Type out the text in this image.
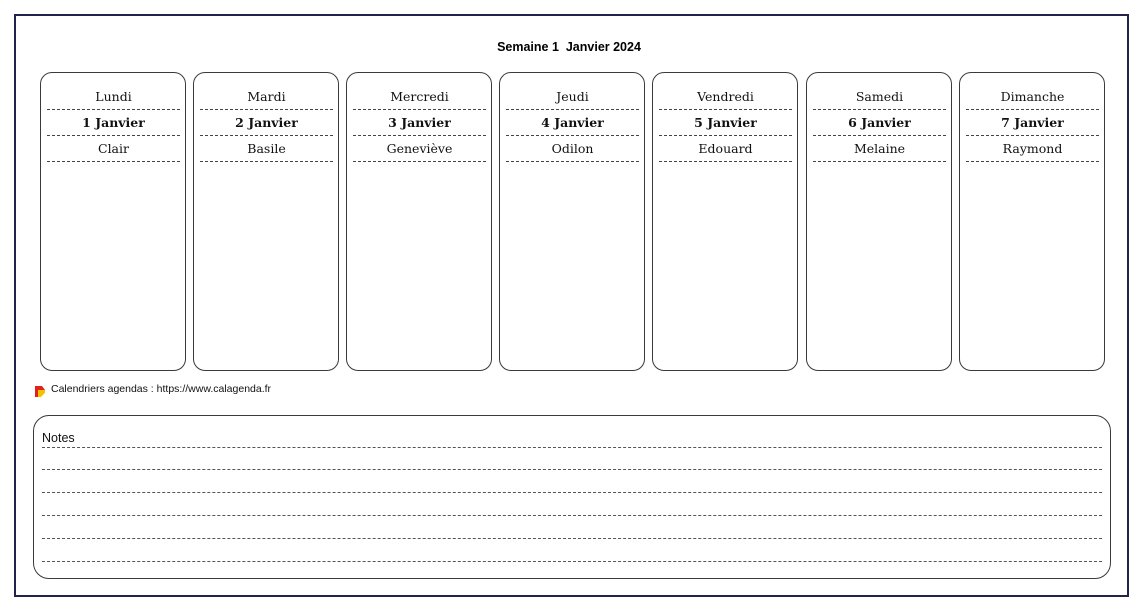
Semaine 1  Janvier 2024
Lundi
1 Janvier
Clair
Mardi
2 Janvier
Basile
Mercredi
3 Janvier
Geneviève
Jeudi
4 Janvier
Odilon
Vendredi
5 Janvier
Edouard
Samedi
6 Janvier
Melaine
Dimanche
7 Janvier
Raymond
Calendriers agendas : https://www.calagenda.fr
Notes
